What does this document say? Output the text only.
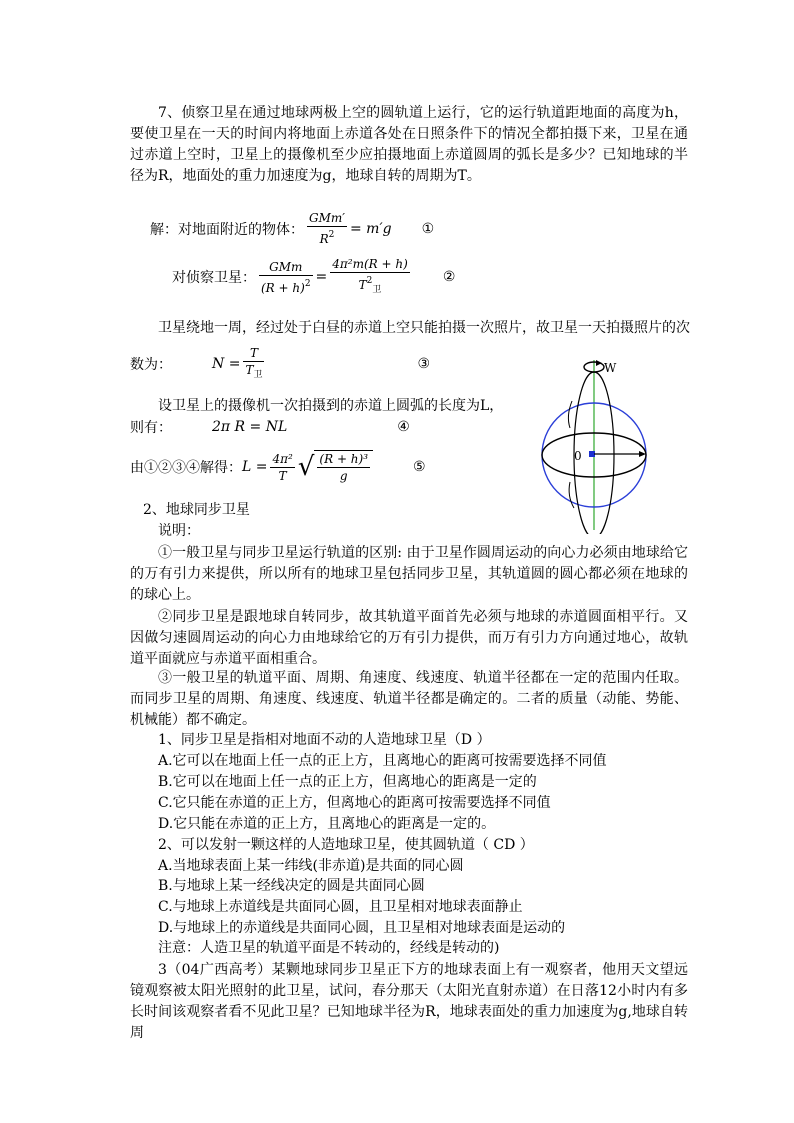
7、侦察卫星在通过地球两极上空的圆轨道上运行，它的运行轨道距地面的高度为h，要使卫星在一天的时间内将地面上赤道各处在日照条件下的情况全都拍摄下来，卫星在通过赤道上空时，卫星上的摄像机至少应拍摄地面上赤道圆周的弧长是多少？已知地球的半径为R，地面处的重力加速度为g，地球自转的周期为T。

解：对地面附近的物体： $\frac{\text{GMm′}}{R^2} = m'g$ ①
对侦察卫星： $\frac{\text{GMm}}{(R + h)^2} = \frac{\text{4π²m(R + h)}}{T^2_卫}$ ②

卫星绕地一周，经过处于白昼的赤道上空只能拍摄一次照片，故卫星一天拍摄照片的次

数为：	$N = \frac{T}{T_卫}$	③

设卫星上的摄像机一次拍摄到的赤道上圆弧的长度为L，

则有：	2π R = NL	④
由①②③④解得： $L = \frac{\text{4π²}}{T}$ √ $\frac{\text{(R + h)³}}{g}$	⑤
W
0

2、地球同步卫星

说明：

①一般卫星与同步卫星运行轨道的区别: 由于卫星作圆周运动的向心力必须由地球给它的万有引力来提供，所以所有的地球卫星包括同步卫星，其轨道圆的圆心都必须在地球的的球心上。

②同步卫星是跟地球自转同步，故其轨道平面首先必须与地球的赤道圆面相平行。又因做匀速圆周运动的向心力由地球给它的万有引力提供，而万有引力方向通过地心，故轨道平面就应与赤道平面相重合。

③一般卫星的轨道平面、周期、角速度、线速度、轨道半径都在一定的范围内任取。而同步卫星的周期、角速度、线速度、轨道半径都是确定的。二者的质量（动能、势能、机械能）都不确定。

1、同步卫星是指相对地面不动的人造地球卫星（D ）

A.它可以在地面上任一点的正上方，且离地心的距离可按需要选择不同值

B.它可以在地面上任一点的正上方，但离地心的距离是一定的

C.它只能在赤道的正上方，但离地心的距离可按需要选择不同值

D.它只能在赤道的正上方，且离地心的距离是一定的。

2、可以发射一颗这样的人造地球卫星，使其圆轨道（ CD ）

A.当地球表面上某一纬线(非赤道)是共面的同心圆

B.与地球上某一经线决定的圆是共面同心圆

C.与地球上赤道线是共面同心圆，且卫星相对地球表面静止

D.与地球上的赤道线是共面同心圆，且卫星相对地球表面是运动的

注意：人造卫星的轨道平面是不转动的，经线是转动的)

3（04广西高考）某颗地球同步卫星正下方的地球表面上有一观察者，他用天文望远镜观察被太阳光照射的此卫星，试问，春分那天（太阳光直射赤道）在日落12小时内有多长时间该观察者看不见此卫星？已知地球半径为R，地球表面处的重力加速度为g,地球自转周
